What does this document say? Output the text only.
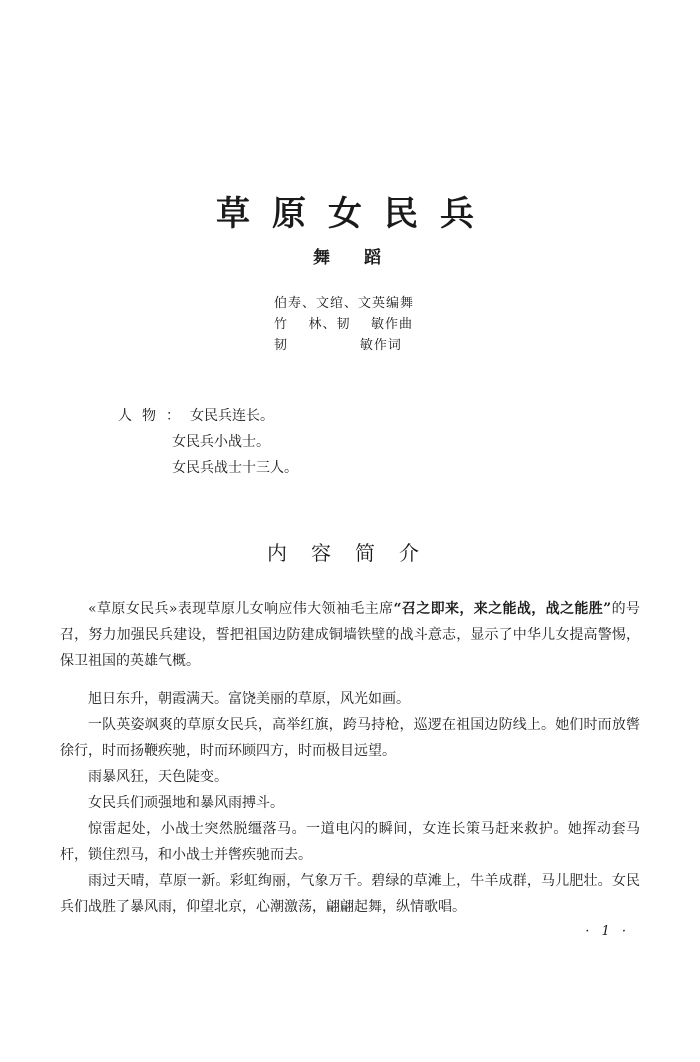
草原女民兵
舞蹈
伯寿、文绾、文英编舞
竹    林、韧    敏作曲
韧              敏作词
人物：女民兵连长。
女民兵小战士。
女民兵战士十三人。
内容简介
«草原女民兵»表现草原儿女响应伟大领袖毛主席“召之即来，来之能战，战之能胜”的号召，努力加强民兵建设，誓把祖国边防建成铜墙铁壁的战斗意志，显示了中华儿女提高警惕，保卫祖国的英雄气概。

旭日东升，朝霞满天。富饶美丽的草原，风光如画。

一队英姿飒爽的草原女民兵，高举红旗，跨马持枪，巡逻在祖国边防线上。她们时而放辔徐行，时而扬鞭疾驰，时而环顾四方，时而极目远望。

雨暴风狂，天色陡变。

女民兵们顽强地和暴风雨搏斗。

惊雷起处，小战士突然脱缰落马。一道电闪的瞬间，女连长策马赶来救护。她挥动套马杆，锁住烈马，和小战士并辔疾驰而去。

雨过天晴，草原一新。彩虹绚丽，气象万千。碧绿的草滩上，牛羊成群，马儿肥壮。女民兵们战胜了暴风雨，仰望北京，心潮激荡，翩翩起舞，纵情歌唱。

· 1 ·
